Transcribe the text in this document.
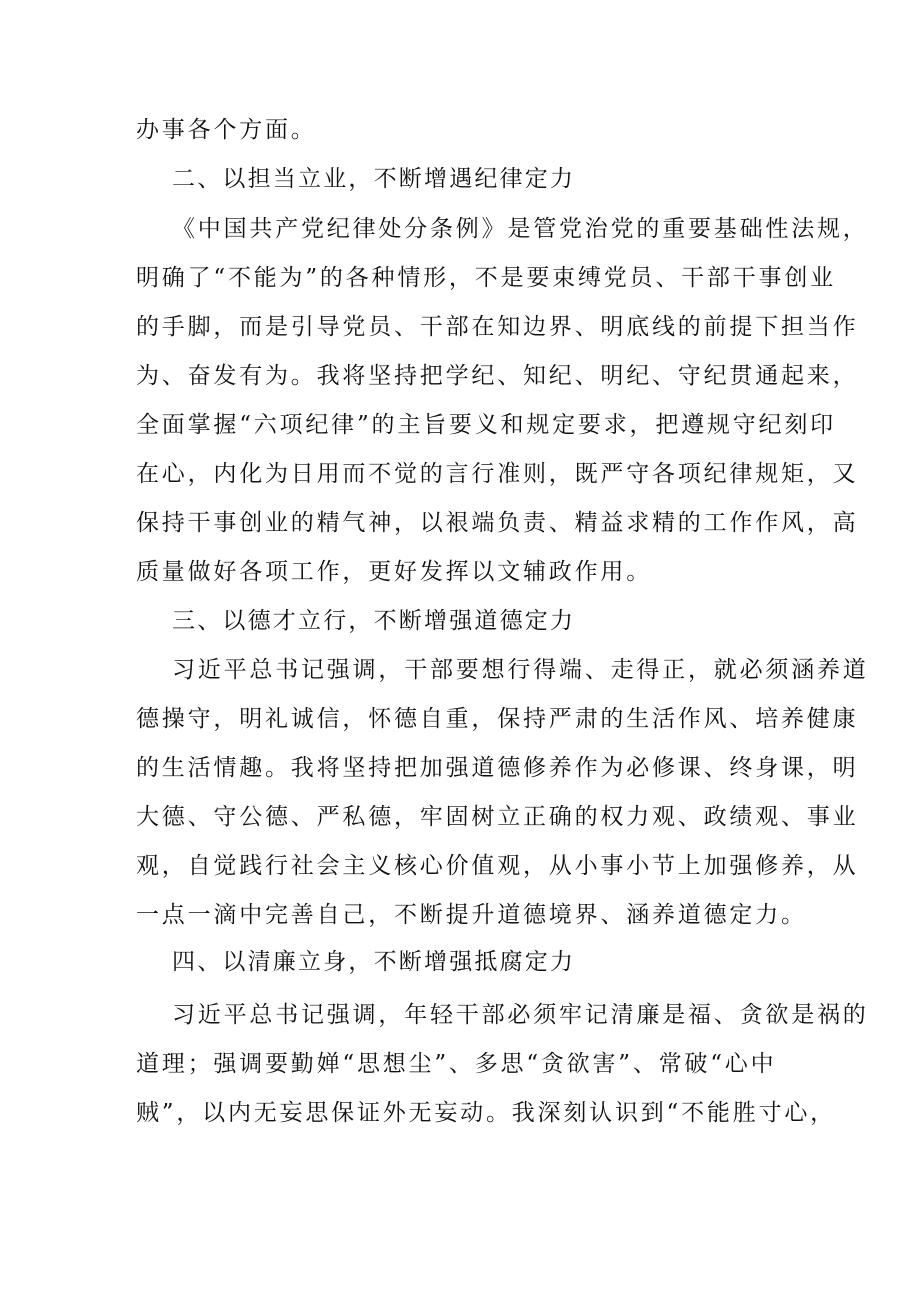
办事各个方面。

二、以担当立业，不断增遇纪律定力

《中国共产党纪律处分条例》是管党治党的重要基础性法规，

明确了“不能为”的各种情形，不是要束缚党员、干部干事创业

的手脚，而是引导党员、干部在知边界、明底线的前提下担当作

为、奋发有为。我将坚持把学纪、知纪、明纪、守纪贯通起来，

全面掌握“六项纪律”的主旨要义和规定要求，把遵规守纪刻印

在心，内化为日用而不觉的言行准则，既严守各项纪律规矩，又

保持干事创业的精气神，以裉端负责、精益求精的工作作风，高

质量做好各项工作，更好发挥以文辅政作用。

三、以德才立行，不断增强道德定力

习近平总书记强调，干部要想行得端、走得正，就必须涵养道

德操守，明礼诚信，怀德自重，保持严肃的生活作风、培养健康

的生活情趣。我将坚持把加强道德修养作为必修课、终身课，明

大德、守公德、严私德，牢固树立正确的权力观、政绩观、事业

观，自觉践行社会主义核心价值观，从小事小节上加强修养，从

一点一滴中完善自己，不断提升道德境界、涵养道德定力。

四、以清廉立身，不断增强抵腐定力

习近平总书记强调，年轻干部必须牢记清廉是福、贪欲是祸的

道理；强调要勤婵“思想尘”、多思“贪欲害”、常破“心中

贼”，以内无妄思保证外无妄动。我深刻认识到“不能胜寸心，
